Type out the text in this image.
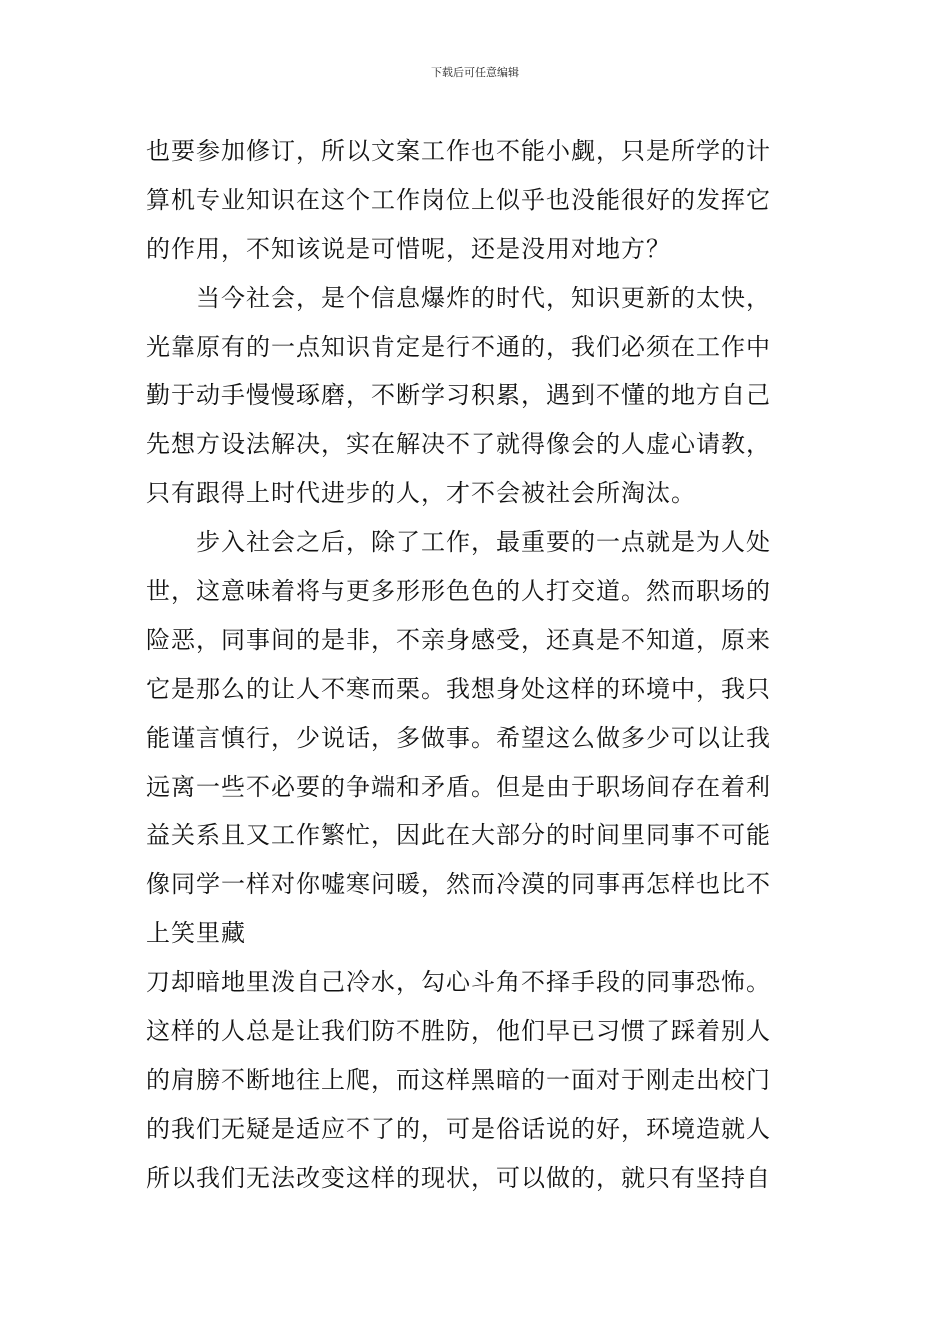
下载后可任意编辑
也要参加修订，所以文案工作也不能小觑，只是所学的计
算机专业知识在这个工作岗位上似乎也没能很好的发挥它
的作用，不知该说是可惜呢，还是没用对地方？
　　当今社会，是个信息爆炸的时代，知识更新的太快，
光靠原有的一点知识肯定是行不通的，我们必须在工作中
勤于动手慢慢琢磨，不断学习积累，遇到不懂的地方自己
先想方设法解决，实在解决不了就得像会的人虚心请教，
只有跟得上时代进步的人，才不会被社会所淘汰。
　　步入社会之后，除了工作，最重要的一点就是为人处
世，这意味着将与更多形形色色的人打交道。然而职场的
险恶，同事间的是非，不亲身感受，还真是不知道，原来
它是那么的让人不寒而栗。我想身处这样的环境中，我只
能谨言慎行，少说话，多做事。希望这么做多少可以让我
远离一些不必要的争端和矛盾。但是由于职场间存在着利
益关系且又工作繁忙，因此在大部分的时间里同事不可能
像同学一样对你嘘寒问暖，然而冷漠的同事再怎样也比不
上笑里藏
刀却暗地里泼自己冷水，勾心斗角不择手段的同事恐怖。
这样的人总是让我们防不胜防，他们早已习惯了踩着别人
的肩膀不断地往上爬，而这样黑暗的一面对于刚走出校门
的我们无疑是适应不了的，可是俗话说的好，环境造就人
所以我们无法改变这样的现状，可以做的，就只有坚持自
